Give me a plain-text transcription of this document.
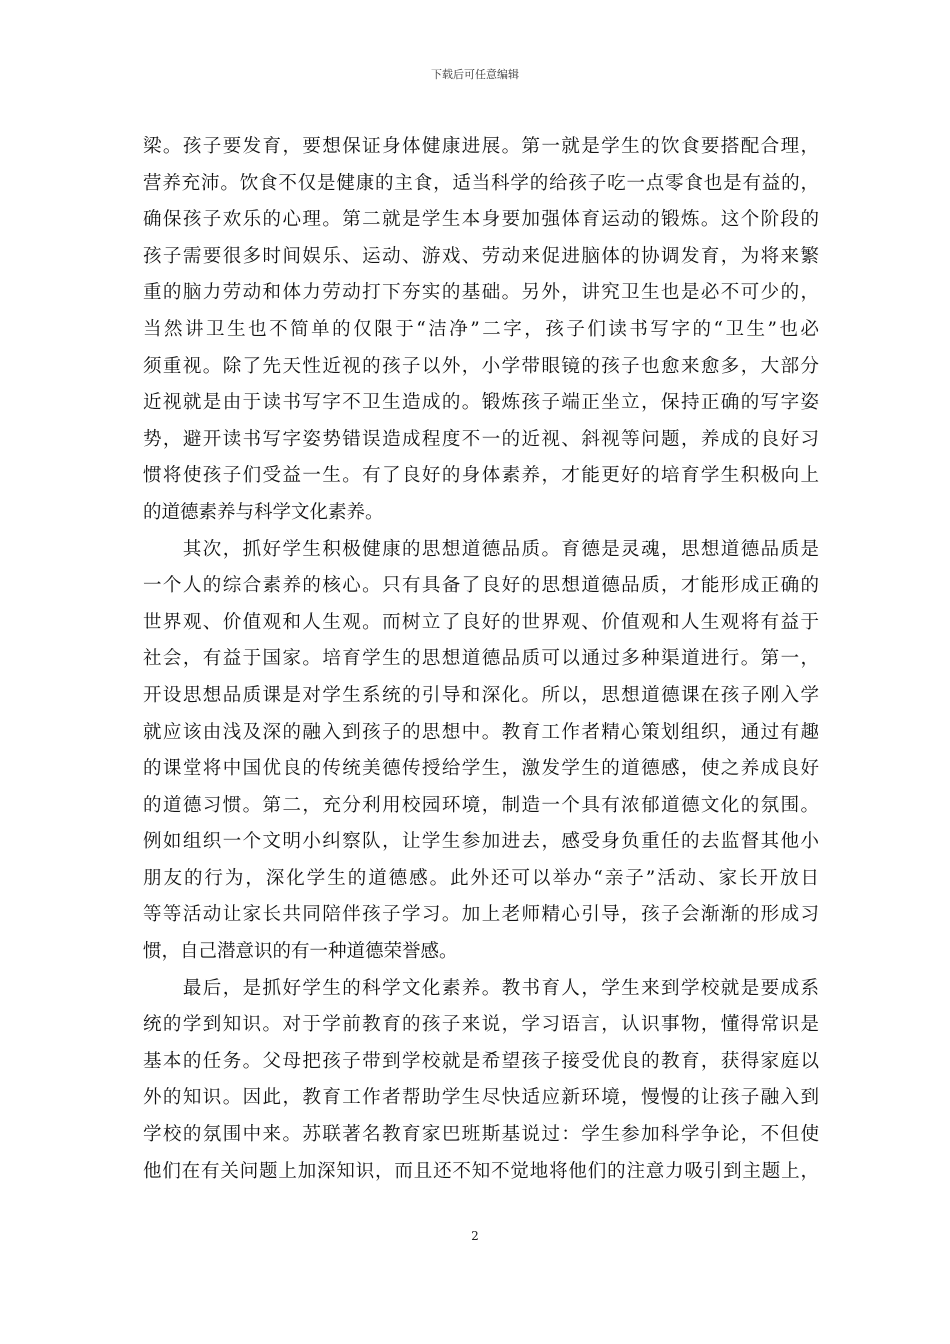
下载后可任意编辑
梁。孩子要发育，要想保证身体健康进展。第一就是学生的饮食要搭配合理，
营养充沛。饮食不仅是健康的主食，适当科学的给孩子吃一点零食也是有益的，
确保孩子欢乐的心理。第二就是学生本身要加强体育运动的锻炼。这个阶段的
孩子需要很多时间娱乐、运动、游戏、劳动来促进脑体的协调发育，为将来繁
重的脑力劳动和体力劳动打下夯实的基础。另外，讲究卫生也是必不可少的，
当然讲卫生也不简单的仅限于“洁净”二字，孩子们读书写字的“卫生”也必
须重视。除了先天性近视的孩子以外，小学带眼镜的孩子也愈来愈多，大部分
近视就是由于读书写字不卫生造成的。锻炼孩子端正坐立，保持正确的写字姿
势，避开读书写字姿势错误造成程度不一的近视、斜视等问题，养成的良好习
惯将使孩子们受益一生。有了良好的身体素养，才能更好的培育学生积极向上
的道德素养与科学文化素养。
　　其次，抓好学生积极健康的思想道德品质。育德是灵魂，思想道德品质是
一个人的综合素养的核心。只有具备了良好的思想道德品质，才能形成正确的
世界观、价值观和人生观。而树立了良好的世界观、价值观和人生观将有益于
社会，有益于国家。培育学生的思想道德品质可以通过多种渠道进行。第一，
开设思想品质课是对学生系统的引导和深化。所以，思想道德课在孩子刚入学
就应该由浅及深的融入到孩子的思想中。教育工作者精心策划组织，通过有趣
的课堂将中国优良的传统美德传授给学生，激发学生的道德感，使之养成良好
的道德习惯。第二，充分利用校园环境，制造一个具有浓郁道德文化的氛围。
例如组织一个文明小纠察队，让学生参加进去，感受身负重任的去监督其他小
朋友的行为，深化学生的道德感。此外还可以举办“亲子”活动、家长开放日
等等活动让家长共同陪伴孩子学习。加上老师精心引导，孩子会渐渐的形成习
惯，自己潜意识的有一种道德荣誉感。
　　最后，是抓好学生的科学文化素养。教书育人，学生来到学校就是要成系
统的学到知识。对于学前教育的孩子来说，学习语言，认识事物，懂得常识是
基本的任务。父母把孩子带到学校就是希望孩子接受优良的教育，获得家庭以
外的知识。因此，教育工作者帮助学生尽快适应新环境，慢慢的让孩子融入到
学校的氛围中来。苏联著名教育家巴班斯基说过：学生参加科学争论，不但使
他们在有关问题上加深知识，而且还不知不觉地将他们的注意力吸引到主题上，
2
